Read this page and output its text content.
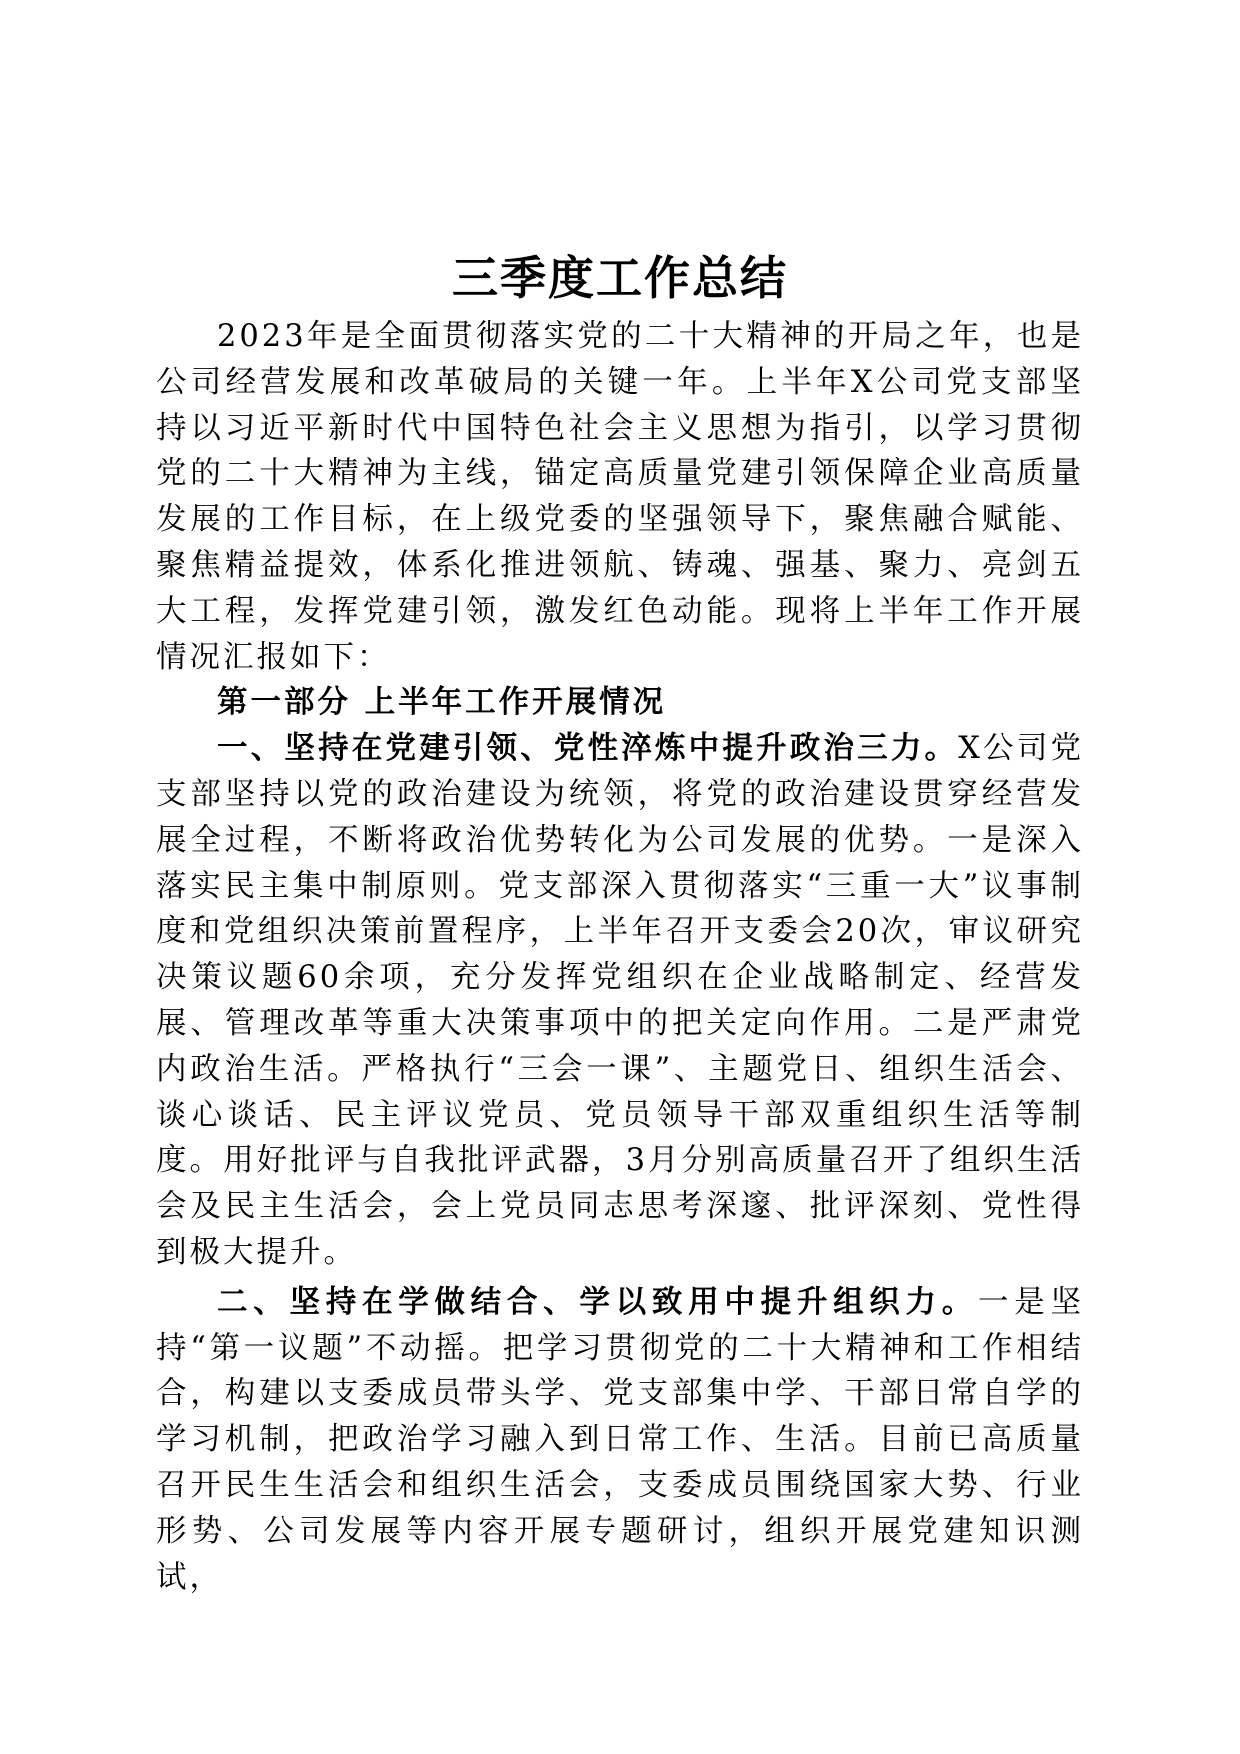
三季度工作总结

2023年是全面贯彻落实党的二十大精神的开局之年，也是公司经营发展和改革破局的关键一年。上半年X公司党支部坚持以习近平新时代中国特色社会主义思想为指引，以学习贯彻党的二十大精神为主线，锚定高质量党建引领保障企业高质量发展的工作目标，在上级党委的坚强领导下，聚焦融合赋能、聚焦精益提效，体系化推进领航、铸魂、强基、聚力、亮剑五大工程，发挥党建引领，激发红色动能。现将上半年工作开展情况汇报如下：

第一部分 上半年工作开展情况

一、坚持在党建引领、党性淬炼中提升政治三力。X公司党支部坚持以党的政治建设为统领，将党的政治建设贯穿经营发展全过程，不断将政治优势转化为公司发展的优势。一是深入落实民主集中制原则。党支部深入贯彻落实“三重一大”议事制度和党组织决策前置程序，上半年召开支委会20次，审议研究决策议题60余项，充分发挥党组织在企业战略制定、经营发展、管理改革等重大决策事项中的把关定向作用。二是严肃党内政治生活。严格执行“三会一课”、主题党日、组织生活会、谈心谈话、民主评议党员、党员领导干部双重组织生活等制度。用好批评与自我批评武器，3月分别高质量召开了组织生活会及民主生活会，会上党员同志思考深邃、批评深刻、党性得到极大提升。

二、坚持在学做结合、学以致用中提升组织力。一是坚持“第一议题”不动摇。把学习贯彻党的二十大精神和工作相结合，构建以支委成员带头学、党支部集中学、干部日常自学的学习机制，把政治学习融入到日常工作、生活。目前已高质量召开民生生活会和组织生活会，支委成员围绕国家大势、行业形势、公司发展等内容开展专题研讨，组织开展党建知识测试，
